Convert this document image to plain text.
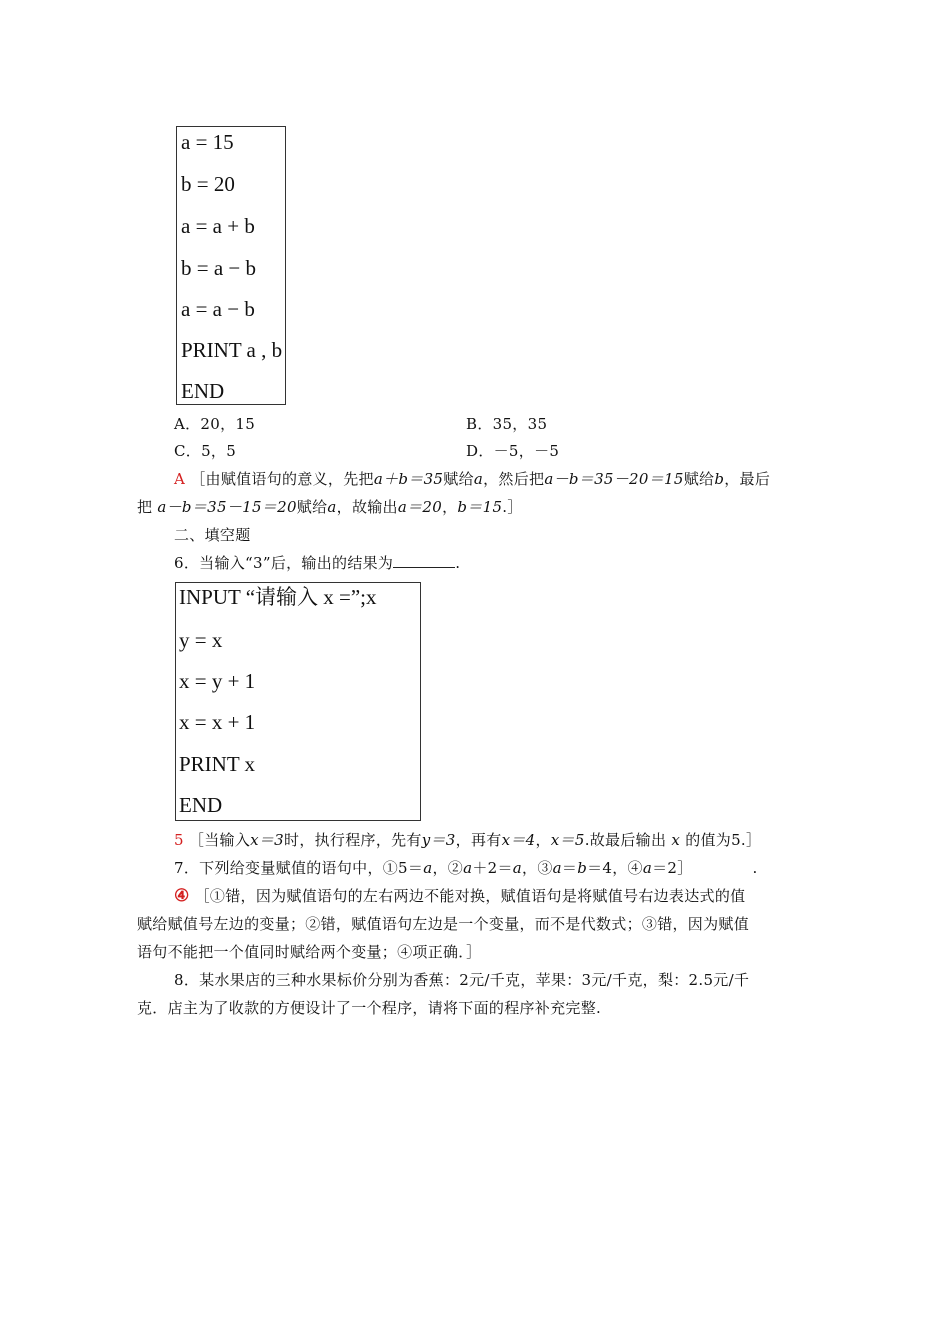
a = 15
b = 20
a = a + b
b = a − b
a = a − b
PRINT a , b
END
A．20，15	B．35，35
C．5，5	D．－5，－5
A ［由赋值语句的意义，先把a＋b＝35赋给a，然后把a－b＝35－20＝15赋给b，最后
把 a－b＝35－15＝20赋给a，故输出a＝20，b＝15.］
二、填空题
6．当输入“3”后，输出的结果为	.
INPUT “请输入 x =”;x
y = x
x = y + 1
x = x + 1
PRINT x
END
5 ［当输入x＝3时，执行程序，先有y＝3，再有x＝4，x＝5.故最后输出 x 的值为5.］
7．下列给变量赋值的语句中，①5＝a，②a＋2＝a，③a＝b＝4，④a＝2］	.
④ ［①错，因为赋值语句的左右两边不能对换，赋值语句是将赋值号右边表达式的值
赋给赋值号左边的变量；②错，赋值语句左边是一个变量，而不是代数式；③错，因为赋值
语句不能把一个值同时赋给两个变量；④项正确．］
8．某水果店的三种水果标价分别为香蕉：2元/千克，苹果：3元/千克，梨：2.5元/千
克．店主为了收款的方便设计了一个程序，请将下面的程序补充完整.
